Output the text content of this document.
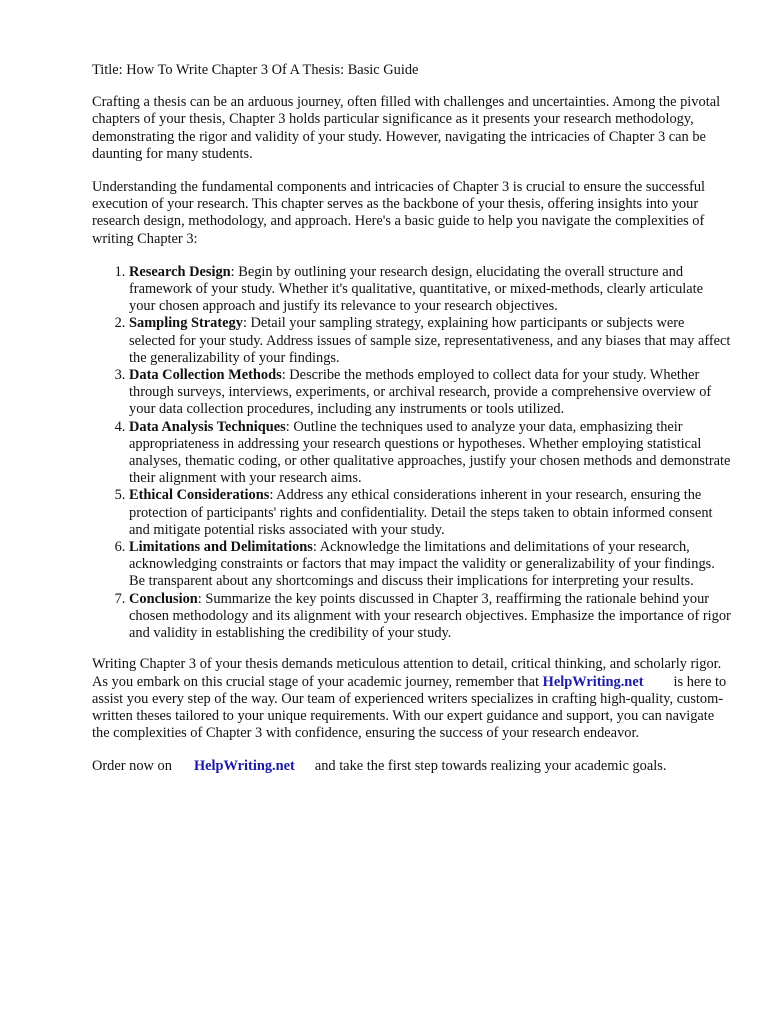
Title: How To Write Chapter 3 Of A Thesis: Basic Guide

Crafting a thesis can be an arduous journey, often filled with challenges and uncertainties. Among the pivotal chapters of your thesis, Chapter 3 holds particular significance as it presents your research methodology, demonstrating the rigor and validity of your study. However, navigating the intricacies of Chapter 3 can be daunting for many students.

Understanding the fundamental components and intricacies of Chapter 3 is crucial to ensure the successful execution of your research. This chapter serves as the backbone of your thesis, offering insights into your research design, methodology, and approach. Here's a basic guide to help you navigate the complexities of writing Chapter 3:

1. Research Design: Begin by outlining your research design, elucidating the overall structure and framework of your study. Whether it's qualitative, quantitative, or mixed-methods, clearly articulate your chosen approach and justify its relevance to your research objectives.
2. Sampling Strategy: Detail your sampling strategy, explaining how participants or subjects were selected for your study. Address issues of sample size, representativeness, and any biases that may affect the generalizability of your findings.
3. Data Collection Methods: Describe the methods employed to collect data for your study. Whether through surveys, interviews, experiments, or archival research, provide a comprehensive overview of your data collection procedures, including any instruments or tools utilized.
4. Data Analysis Techniques: Outline the techniques used to analyze your data, emphasizing their appropriateness in addressing your research questions or hypotheses. Whether employing statistical analyses, thematic coding, or other qualitative approaches, justify your chosen methods and demonstrate their alignment with your research aims.
5. Ethical Considerations: Address any ethical considerations inherent in your research, ensuring the protection of participants' rights and confidentiality. Detail the steps taken to obtain informed consent and mitigate potential risks associated with your study.
6. Limitations and Delimitations: Acknowledge the limitations and delimitations of your research, acknowledging constraints or factors that may impact the validity or generalizability of your findings. Be transparent about any shortcomings and discuss their implications for interpreting your results.
7. Conclusion: Summarize the key points discussed in Chapter 3, reaffirming the rationale behind your chosen methodology and its alignment with your research objectives. Emphasize the importance of rigor and validity in establishing the credibility of your study.

Writing Chapter 3 of your thesis demands meticulous attention to detail, critical thinking, and scholarly rigor. As you embark on this crucial stage of your academic journey, remember that HelpWriting.net is here to assist you every step of the way. Our team of experienced writers specializes in crafting high-quality, custom-written theses tailored to your unique requirements. With our expert guidance and support, you can navigate the complexities of Chapter 3 with confidence, ensuring the success of your research endeavor.

Order now on HelpWriting.net and take the first step towards realizing your academic goals.
